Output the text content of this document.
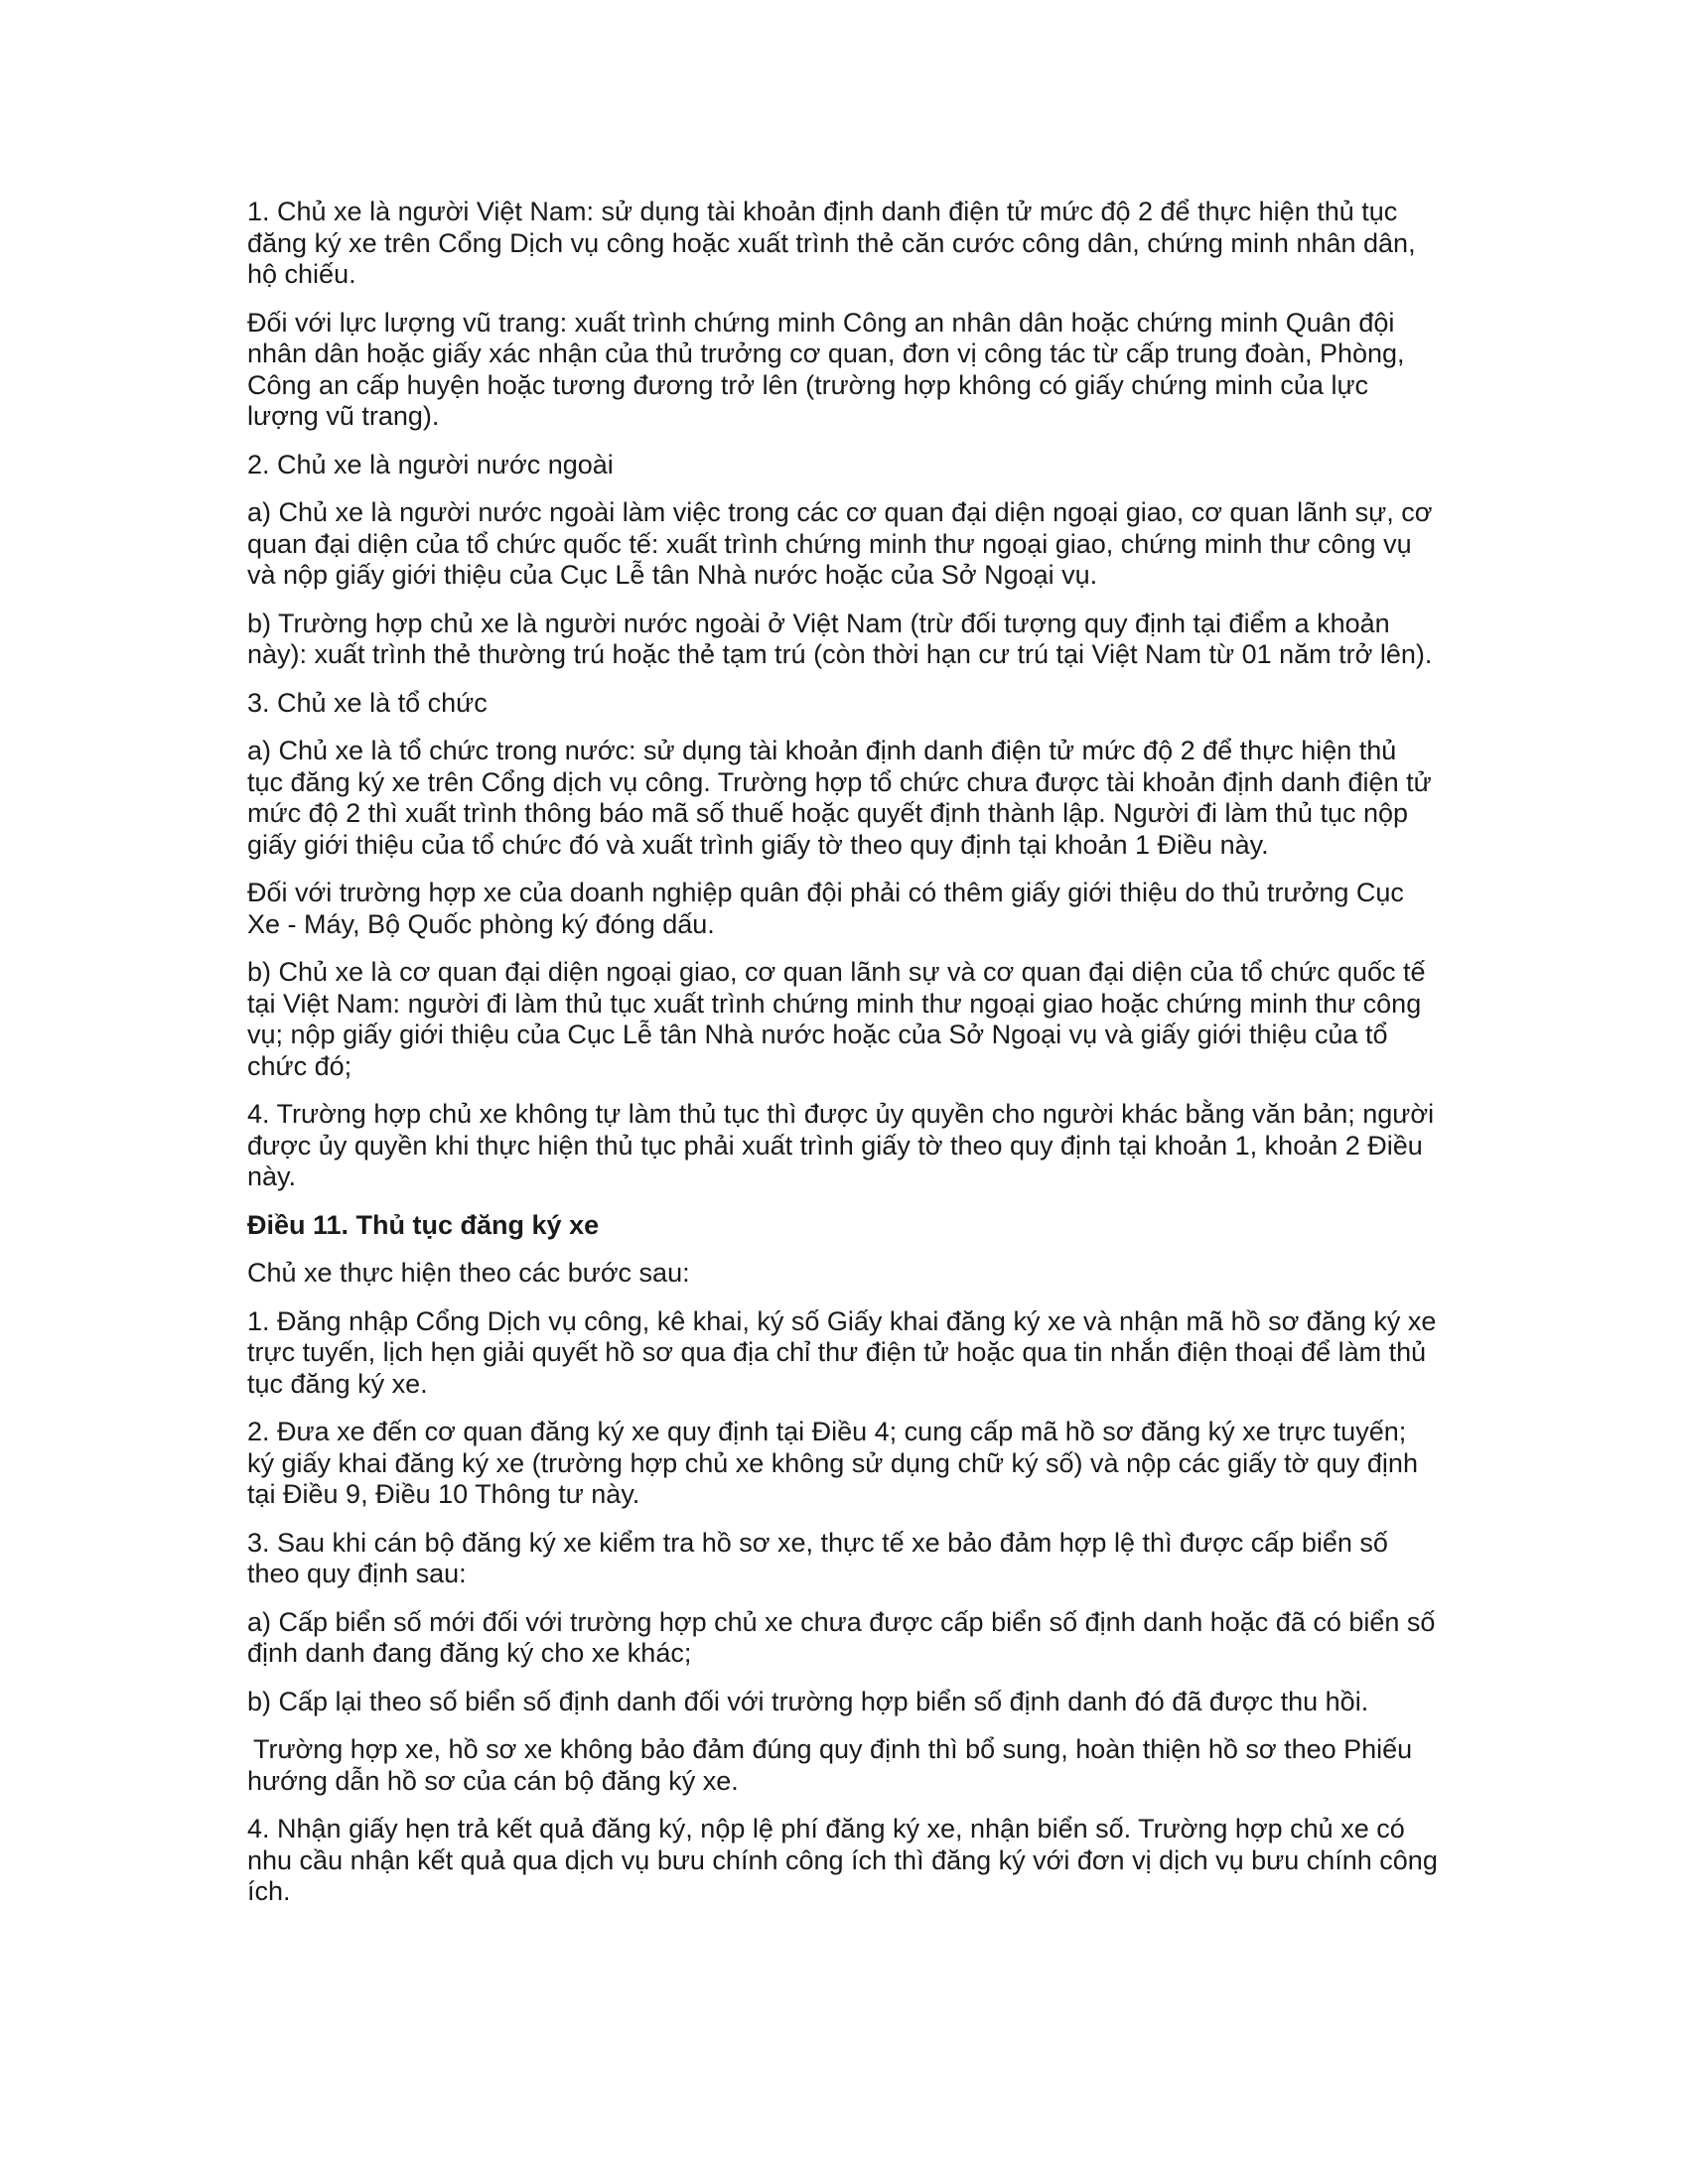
1. Chủ xe là người Việt Nam: sử dụng tài khoản định danh điện tử mức độ 2 để thực hiện thủ tục đăng ký xe trên Cổng Dịch vụ công hoặc xuất trình thẻ căn cước công dân, chứng minh nhân dân, hộ chiếu.

Đối với lực lượng vũ trang: xuất trình chứng minh Công an nhân dân hoặc chứng minh Quân đội nhân dân hoặc giấy xác nhận của thủ trưởng cơ quan, đơn vị công tác từ cấp trung đoàn, Phòng, Công an cấp huyện hoặc tương đương trở lên (trường hợp không có giấy chứng minh của lực lượng vũ trang).

2. Chủ xe là người nước ngoài

a) Chủ xe là người nước ngoài làm việc trong các cơ quan đại diện ngoại giao, cơ quan lãnh sự, cơ quan đại diện của tổ chức quốc tế: xuất trình chứng minh thư ngoại giao, chứng minh thư công vụ và nộp giấy giới thiệu của Cục Lễ tân Nhà nước hoặc của Sở Ngoại vụ.

b) Trường hợp chủ xe là người nước ngoài ở Việt Nam (trừ đối tượng quy định tại điểm a khoản này): xuất trình thẻ thường trú hoặc thẻ tạm trú (còn thời hạn cư trú tại Việt Nam từ 01 năm trở lên).

3. Chủ xe là tổ chức

a) Chủ xe là tổ chức trong nước: sử dụng tài khoản định danh điện tử mức độ 2 để thực hiện thủ tục đăng ký xe trên Cổng dịch vụ công. Trường hợp tổ chức chưa được tài khoản định danh điện tử mức độ 2 thì xuất trình thông báo mã số thuế hoặc quyết định thành lập. Người đi làm thủ tục nộp giấy giới thiệu của tổ chức đó và xuất trình giấy tờ theo quy định tại khoản 1 Điều này.

Đối với trường hợp xe của doanh nghiệp quân đội phải có thêm giấy giới thiệu do thủ trưởng Cục Xe - Máy, Bộ Quốc phòng ký đóng dấu.

b) Chủ xe là cơ quan đại diện ngoại giao, cơ quan lãnh sự và cơ quan đại diện của tổ chức quốc tế tại Việt Nam: người đi làm thủ tục xuất trình chứng minh thư ngoại giao hoặc chứng minh thư công vụ; nộp giấy giới thiệu của Cục Lễ tân Nhà nước hoặc của Sở Ngoại vụ và giấy giới thiệu của tổ chức đó;

4. Trường hợp chủ xe không tự làm thủ tục thì được ủy quyền cho người khác bằng văn bản; người được ủy quyền khi thực hiện thủ tục phải xuất trình giấy tờ theo quy định tại khoản 1, khoản 2 Điều này.

Điều 11. Thủ tục đăng ký xe

Chủ xe thực hiện theo các bước sau:

1. Đăng nhập Cổng Dịch vụ công, kê khai, ký số Giấy khai đăng ký xe và nhận mã hồ sơ đăng ký xe trực tuyến, lịch hẹn giải quyết hồ sơ qua địa chỉ thư điện tử hoặc qua tin nhắn điện thoại để làm thủ tục đăng ký xe.

2. Đưa xe đến cơ quan đăng ký xe quy định tại Điều 4; cung cấp mã hồ sơ đăng ký xe trực tuyến; ký giấy khai đăng ký xe (trường hợp chủ xe không sử dụng chữ ký số) và nộp các giấy tờ quy định tại Điều 9, Điều 10 Thông tư này.

3. Sau khi cán bộ đăng ký xe kiểm tra hồ sơ xe, thực tế xe bảo đảm hợp lệ thì được cấp biển số theo quy định sau:

a) Cấp biển số mới đối với trường hợp chủ xe chưa được cấp biển số định danh hoặc đã có biển số định danh đang đăng ký cho xe khác;

b) Cấp lại theo số biển số định danh đối với trường hợp biển số định danh đó đã được thu hồi.

Trường hợp xe, hồ sơ xe không bảo đảm đúng quy định thì bổ sung, hoàn thiện hồ sơ theo Phiếu hướng dẫn hồ sơ của cán bộ đăng ký xe.

4. Nhận giấy hẹn trả kết quả đăng ký, nộp lệ phí đăng ký xe, nhận biển số. Trường hợp chủ xe có nhu cầu nhận kết quả qua dịch vụ bưu chính công ích thì đăng ký với đơn vị dịch vụ bưu chính công ích.
